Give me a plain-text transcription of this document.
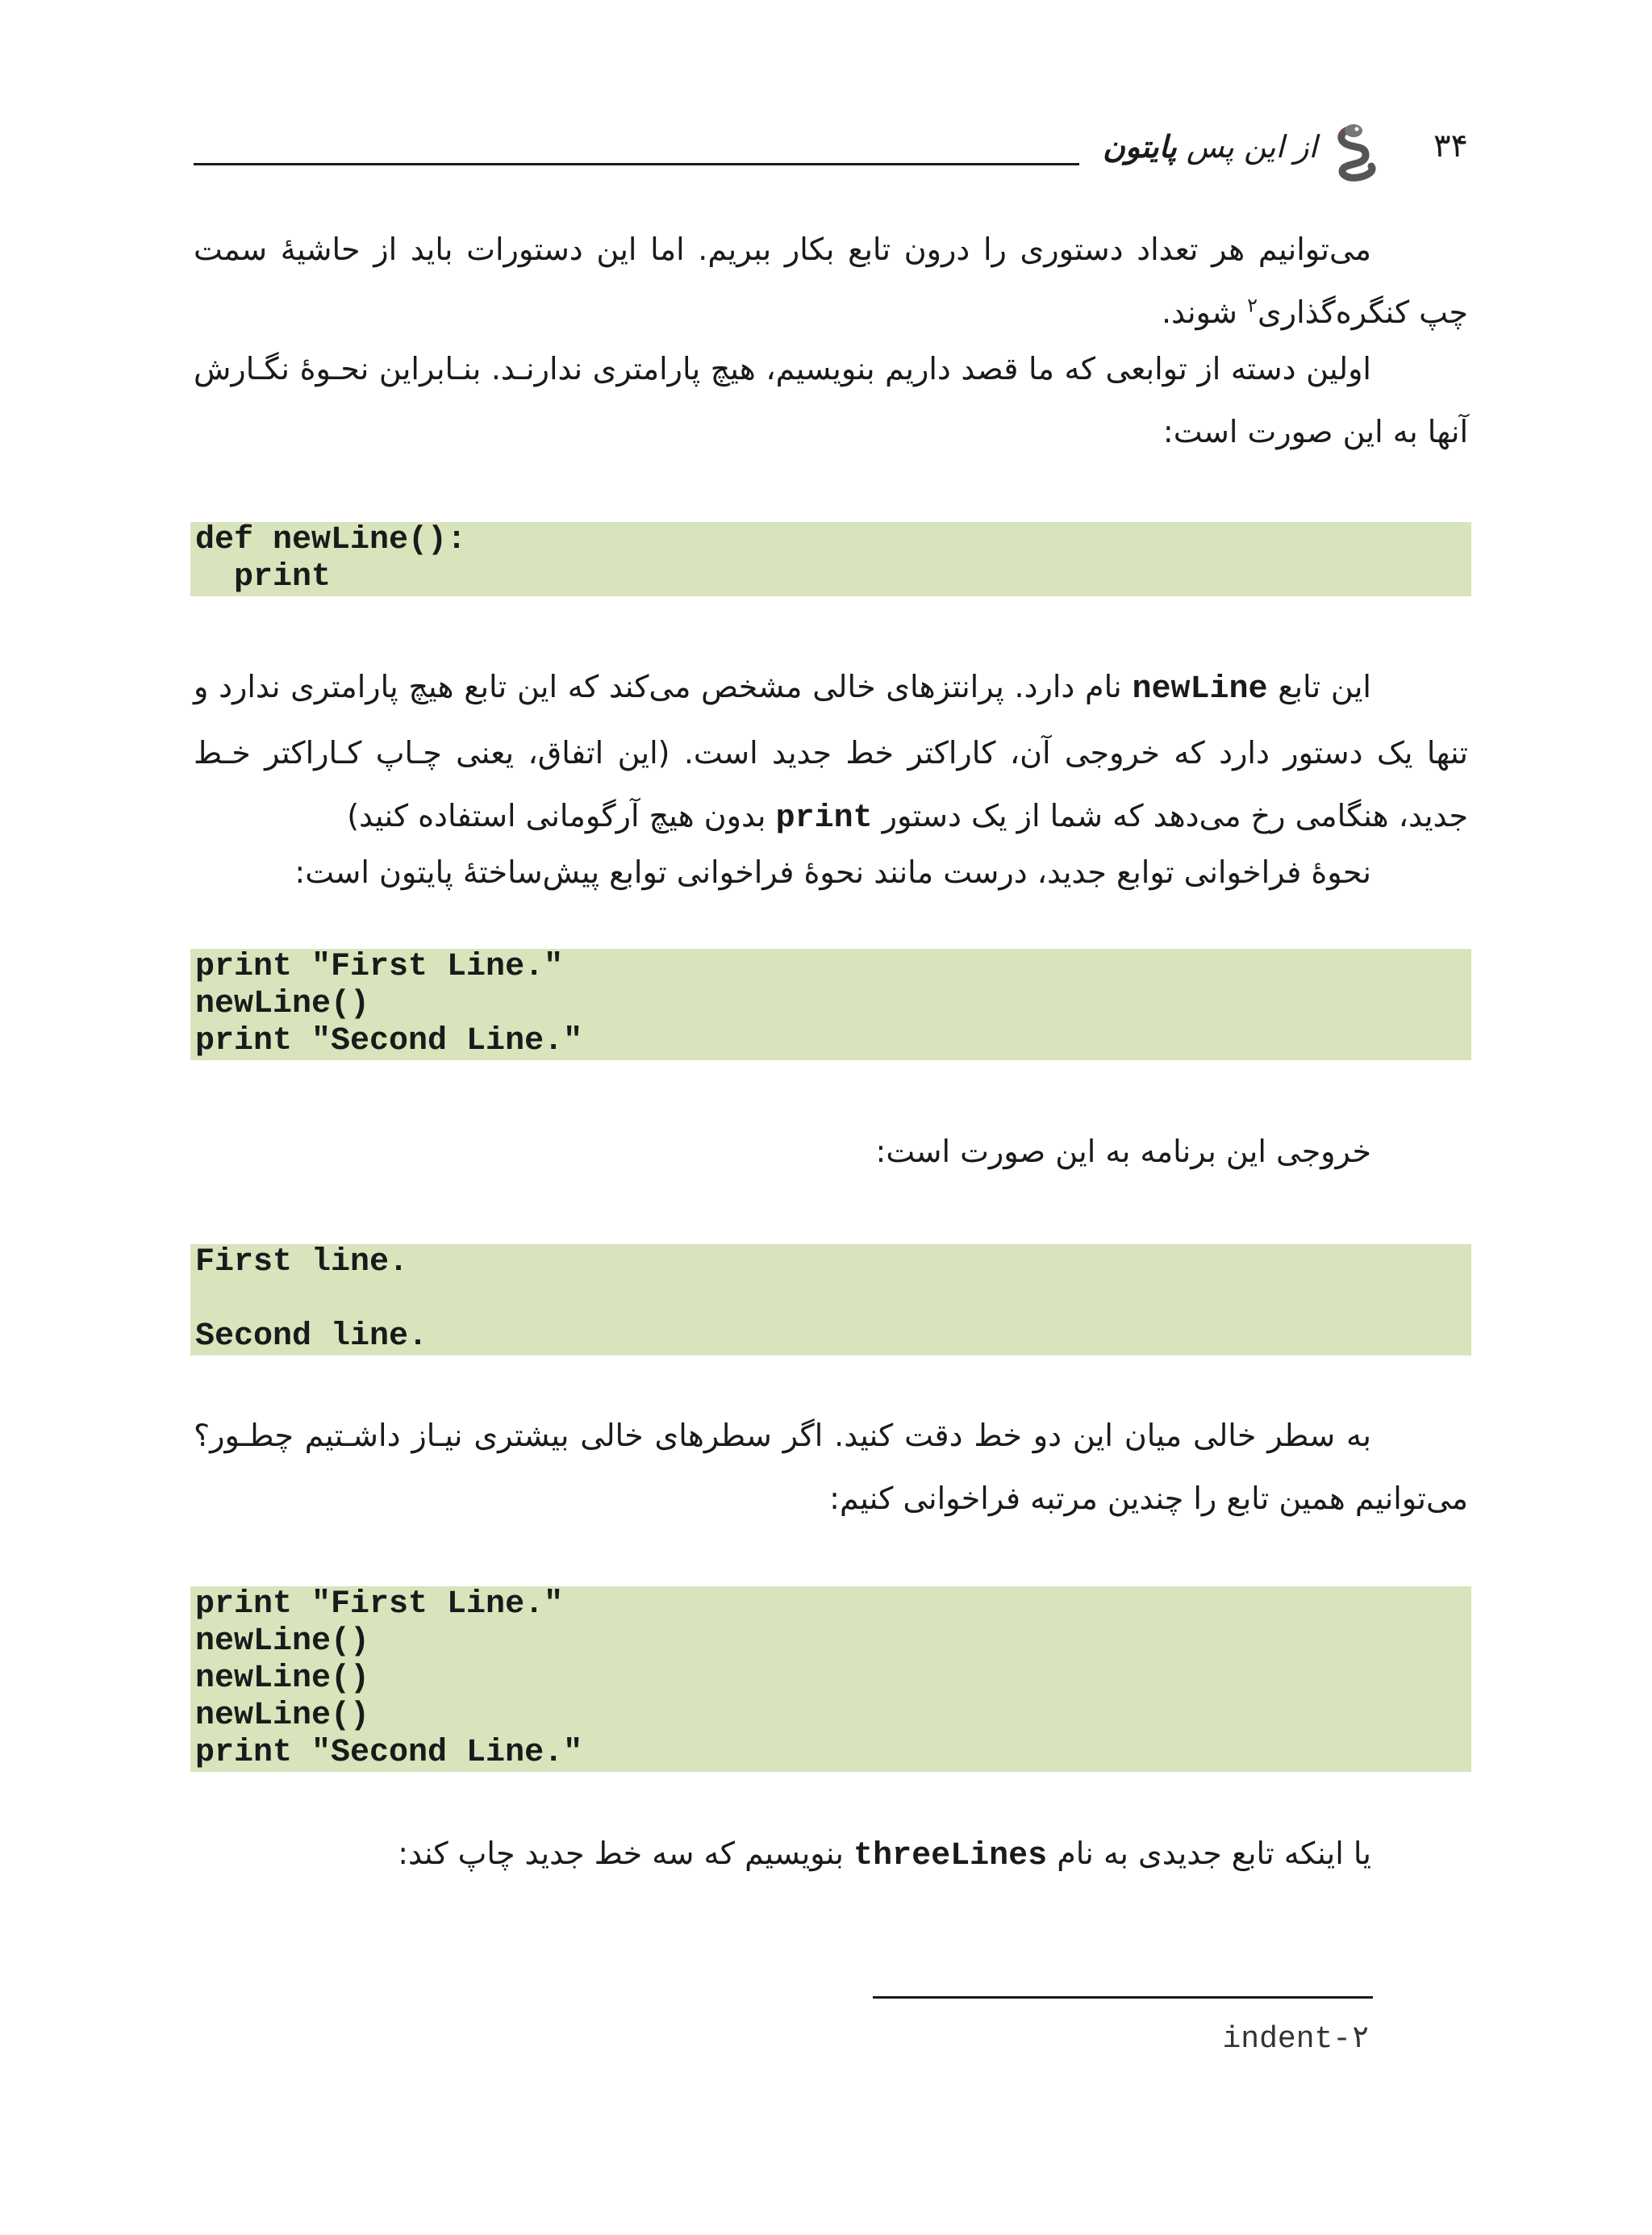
۳۴
از این پس پایتون
می‌توانیم هر تعداد دستوری را درون تابع بکار ببریم. اما این دستورات باید از حاشیهٔ سمت چپ کنگره‌گذاری$^۲$ شوند.
اولین دسته از توابعی که ما قصد داریم بنویسیم، هیچ پارامتری ندارنـد. بنـابراین نحـوهٔ نگـارش آنها به این صورت است:
def newLine():
print
این تابع newLine نام دارد. پرانتزهای خالی مشخص می‌کند که این تابع هیچ پارامتری ندارد و تنها یک دستور دارد که خروجی آن، کاراکتر خط جدید است. (این اتفاق، یعنی چـاپ کـاراکتر خـط جدید، هنگامی رخ می‌دهد که شما از یک دستور print بدون هیچ آرگومانی استفاده کنید)
نحوهٔ فراخوانی توابع جدید، درست مانند نحوهٔ فراخوانی توابع پیش‌ساختهٔ پایتون است:
print "First Line."
newLine()
print "Second Line."
خروجی این برنامه به این صورت است:
First line.
Second line.
به سطر خالی میان این دو خط دقت کنید. اگر سطرهای خالی بیشتری نیـاز داشـتیم چطـور؟ می‌توانیم همین تابع را چندین مرتبه فراخوانی کنیم:
print "First Line."
newLine()
newLine()
newLine()
print "Second Line."
یا اینکه تابع جدیدی به نام threeLines بنویسیم که سه خط جدید چاپ کند:
indent-۲
